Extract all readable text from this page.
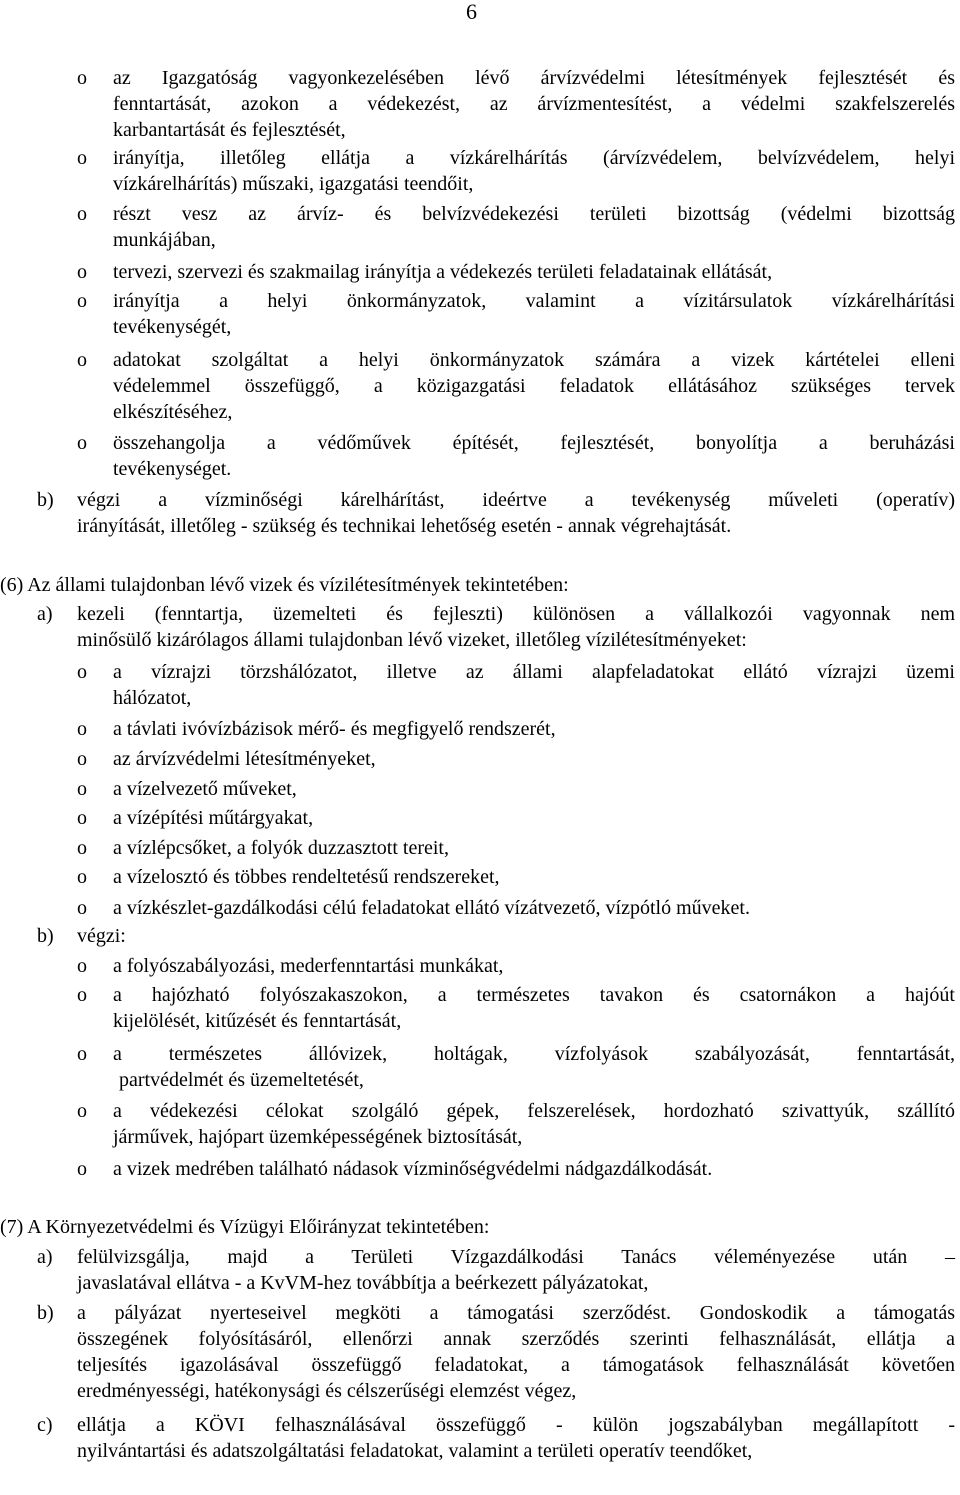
6
o az Igazgatóság vagyonkezelésében lévő árvízvédelmi létesítmények fejlesztését és
fenntartását, azokon a védekezést, az árvízmentesítést, a védelmi szakfelszerelés
karbantartását és fejlesztését,
o irányítja, illetőleg ellátja a vízkárelhárítás (árvízvédelem, belvízvédelem, helyi
vízkárelhárítás) műszaki, igazgatási teendőit,
o részt vesz az árvíz- és belvízvédekezési területi bizottság (védelmi bizottság
munkájában,
o tervezi, szervezi és szakmailag irányítja a védekezés területi feladatainak ellátását,
o irányítja a helyi önkormányzatok, valamint a vízitársulatok vízkárelhárítási
tevékenységét,
o adatokat szolgáltat a helyi önkormányzatok számára a vizek kártételei elleni
védelemmel összefüggő, a közigazgatási feladatok ellátásához szükséges tervek
elkészítéséhez,
o összehangolja a védőművek építését, fejlesztését, bonyolítja a beruházási
tevékenységet.
b) végzi a vízminőségi kárelhárítást, ideértve a tevékenység műveleti (operatív)
irányítását, illetőleg - szükség és technikai lehetőség esetén - annak végrehajtását.
(6) Az állami tulajdonban lévő vizek és vízilétesítmények tekintetében:
a) kezeli (fenntartja, üzemelteti és fejleszti) különösen a vállalkozói vagyonnak nem
minősülő kizárólagos állami tulajdonban lévő vizeket, illetőleg vízilétesítményeket:
o a vízrajzi törzshálózatot, illetve az állami alapfeladatokat ellátó vízrajzi üzemi
hálózatot,
o a távlati ivóvízbázisok mérő- és megfigyelő rendszerét,
o az árvízvédelmi létesítményeket,
o a vízelvezető műveket,
o a vízépítési műtárgyakat,
o a vízlépcsőket, a folyók duzzasztott tereit,
o a vízelosztó és többes rendeltetésű rendszereket,
o a vízkészlet-gazdálkodási célú feladatokat ellátó vízátvezető, vízpótló műveket.
b) végzi:
o a folyószabályozási, mederfenntartási munkákat,
o a hajózható folyószakaszokon, a természetes tavakon és csatornákon a hajóút
kijelölését, kitűzését és fenntartását,
o a természetes állóvizek, holtágak, vízfolyások szabályozását, fenntartását,
partvédelmét és üzemeltetését,
o a védekezési célokat szolgáló gépek, felszerelések, hordozható szivattyúk, szállító
járművek, hajópart üzemképességének biztosítását,
o a vizek medrében található nádasok vízminőségvédelmi nádgazdálkodását.
(7) A Környezetvédelmi és Vízügyi Előirányzat tekintetében:
a) felülvizsgálja, majd a Területi Vízgazdálkodási Tanács véleményezése után –
javaslatával ellátva - a KvVM-hez továbbítja a beérkezett pályázatokat,
b) a pályázat nyerteseivel megköti a támogatási szerződést. Gondoskodik a támogatás
összegének folyósításáról, ellenőrzi annak szerződés szerinti felhasználását, ellátja a
teljesítés igazolásával összefüggő feladatokat, a támogatások felhasználását követően
eredményességi, hatékonysági és célszerűségi elemzést végez,
c) ellátja a KÖVI felhasználásával összefüggő - külön jogszabályban megállapított -
nyilvántartási és adatszolgáltatási feladatokat, valamint a területi operatív teendőket,
